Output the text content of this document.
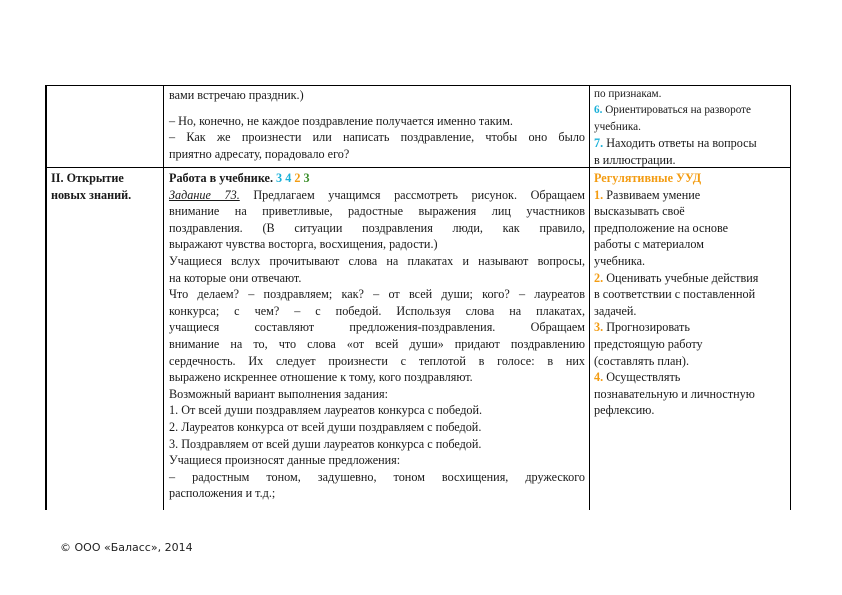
вами встречаю праздник.)

– Но, конечно, не каждое поздравление получается именно таким.

– Как же произнести или написать поздравление, чтобы оно было

приятно адресату, порадовало его?

по признакам.

6. Ориентироваться на развороте

учебника.

7. Находить ответы на вопросы

в иллюстрации.

II. Открытие

новых знаний.

Работа в учебнике. 3 4 2 3

Задание 73. Предлагаем учащимся рассмотреть рисунок. Обращаем

внимание на приветливые, радостные выражения лиц участников

поздравления. (В ситуации поздравления люди, как правило,

выражают чувства восторга, восхищения, радости.)

Учащиеся вслух прочитывают слова на плакатах и называют вопросы,

на которые они отвечают.

Что делаем? – поздравляем; как? – от всей души; кого? – лауреатов

конкурса; с чем? – с победой. Используя слова на плакатах,

учащиеся составляют предложения-поздравления. Обращаем

внимание на то, что слова «от всей души» придают поздравлению

сердечность. Их следует произнести с теплотой в голосе: в них

выражено искреннее отношение к тому, кого поздравляют.

Возможный вариант выполнения задания:

1. От всей души поздравляем лауреатов конкурса с победой.

2. Лауреатов конкурса от всей души поздравляем с победой.

3. Поздравляем от всей души лауреатов конкурса с победой.

Учащиеся произносят данные предложения:

– радостным тоном, задушевно, тоном восхищения, дружеского

расположения и т.д.;

Регулятивные УУД

1. Развиваем умение

высказывать своё

предположение на основе

работы с материалом

учебника.

2. Оценивать учебные действия

в соответствии с поставленной

задачей.

3. Прогнозировать

предстоящую работу

(составлять план).

4. Осуществлять

познавательную и личностную

рефлексию.

© ООО «Баласс», 2014
